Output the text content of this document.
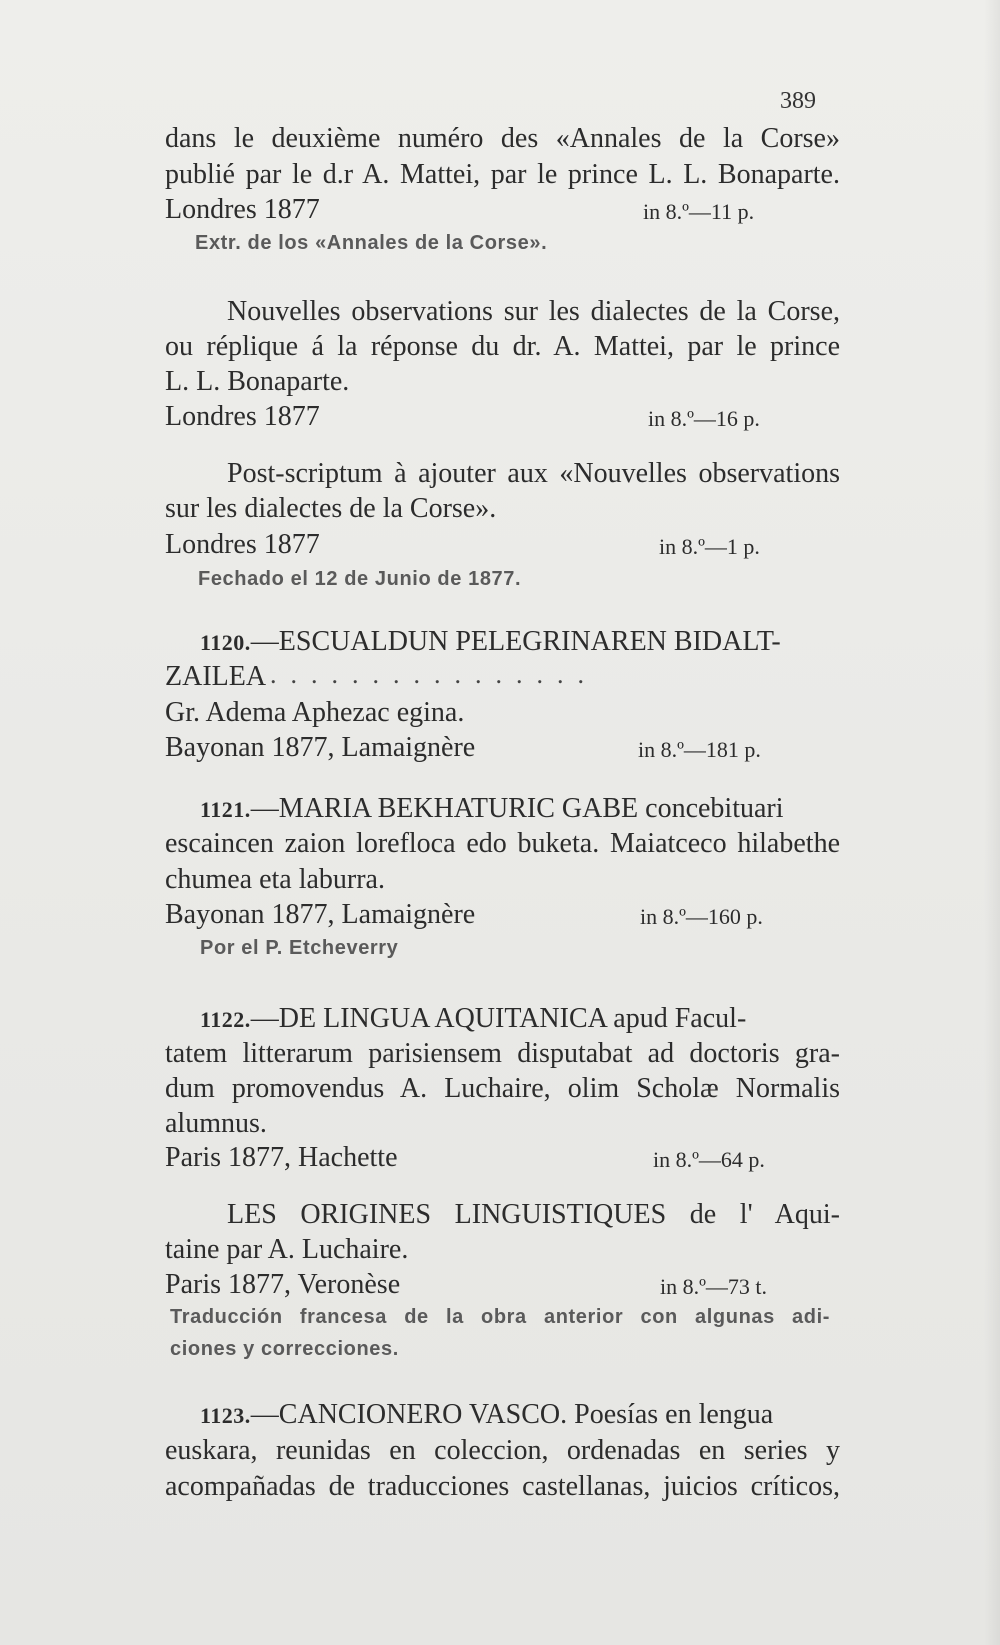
389
dans le deuxième numéro des «Annales de la Corse»
publié par le d.r A. Mattei, par le prince L. L. Bonaparte.
Londres 1877	in 8.º—11 p.
Extr. de los «Annales de la Corse».
Nouvelles observations sur les dialectes de la Corse,
ou réplique á la réponse du dr. A. Mattei, par le prince
L. L. Bonaparte.
Londres 1877	in 8.º—16 p.
Post-scriptum à ajouter aux «Nouvelles observations
sur les dialectes de la Corse».
Londres 1877	in 8.º—1 p.
Fechado el 12 de Junio de 1877.
1120.—ESCUALDUN PELEGRINAREN BIDALT-
ZAILEA ................
Gr. Adema Aphezac egina.
Bayonan 1877, Lamaignère	in 8.º—181 p.
1121.—MARIA BEKHATURIC GABE concebituari
escaincen zaion lorefloca edo buketa. Maiatceco hilabethe
chumea eta laburra.
Bayonan 1877, Lamaignère	in 8.º—160 p.
Por el P. Etcheverry
1122.—DE LINGUA AQUITANICA apud Facul-
tatem litterarum parisiensem disputabat ad doctoris gra-
dum promovendus A. Luchaire, olim Scholæ Normalis
alumnus.
Paris 1877, Hachette	in 8.º—64 p.
LES ORIGINES LINGUISTIQUES de l' Aqui-
taine par A. Luchaire.
Paris 1877, Veronèse	in 8.º—73 t.
Traducción francesa de la obra anterior con algunas adi-
ciones y correcciones.
1123.—CANCIONERO VASCO. Poesías en lengua
euskara, reunidas en coleccion, ordenadas en series y
acompañadas de traducciones castellanas, juicios críticos,
